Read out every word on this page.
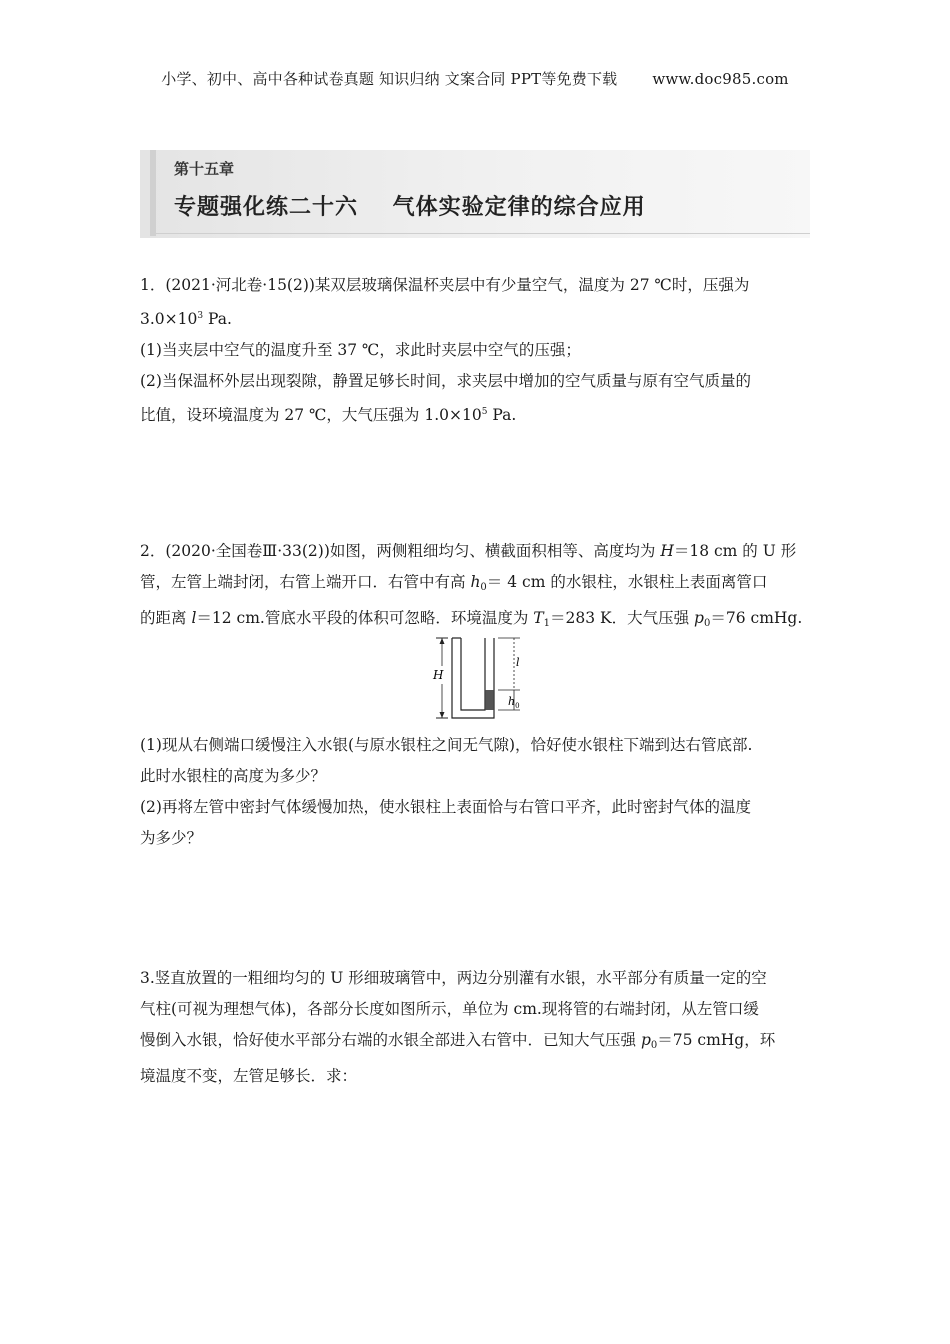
小学、初中、高中各种试卷真题 知识归纳 文案合同 PPT等免费下载 www.doc985.com
第十五章
专题强化练二十六    气体实验定律的综合应用
1．(2021·河北卷·15(2))某双层玻璃保温杯夹层中有少量空气，温度为 27 ℃时，压强为
$3.0\times 10^3$ Pa.
(1)当夹层中空气的温度升至 37 ℃，求此时夹层中空气的压强；
(2)当保温杯外层出现裂隙，静置足够长时间，求夹层中增加的空气质量与原有空气质量的
比值，设环境温度为 27 ℃，大气压强为 $1.0\times 10^5$ Pa.
2．(2020·全国卷Ⅲ·33(2))如图，两侧粗细均匀、横截面积相等、高度均为 H＝18 cm 的 U 形
管，左管上端封闭，右管上端开口．右管中有高 $h_0= 4$ cm 的水银柱，水银柱上表面离管口
的距离 l＝12 cm.管底水平段的体积可忽略．环境温度为 $T_1=283$ K．大气压强 $p_0=76$ cmHg.
H
l
$h_0$
(1)现从右侧端口缓慢注入水银(与原水银柱之间无气隙)，恰好使水银柱下端到达右管底部.
此时水银柱的高度为多少？
(2)再将左管中密封气体缓慢加热，使水银柱上表面恰与右管口平齐，此时密封气体的温度
为多少？
3.竖直放置的一粗细均匀的 U 形细玻璃管中，两边分别灌有水银，水平部分有质量一定的空
气柱(可视为理想气体)，各部分长度如图所示，单位为 cm.现将管的右端封闭，从左管口缓
慢倒入水银，恰好使水平部分右端的水银全部进入右管中．已知大气压强 $p_0=75$ cmHg，环
境温度不变，左管足够长．求：
